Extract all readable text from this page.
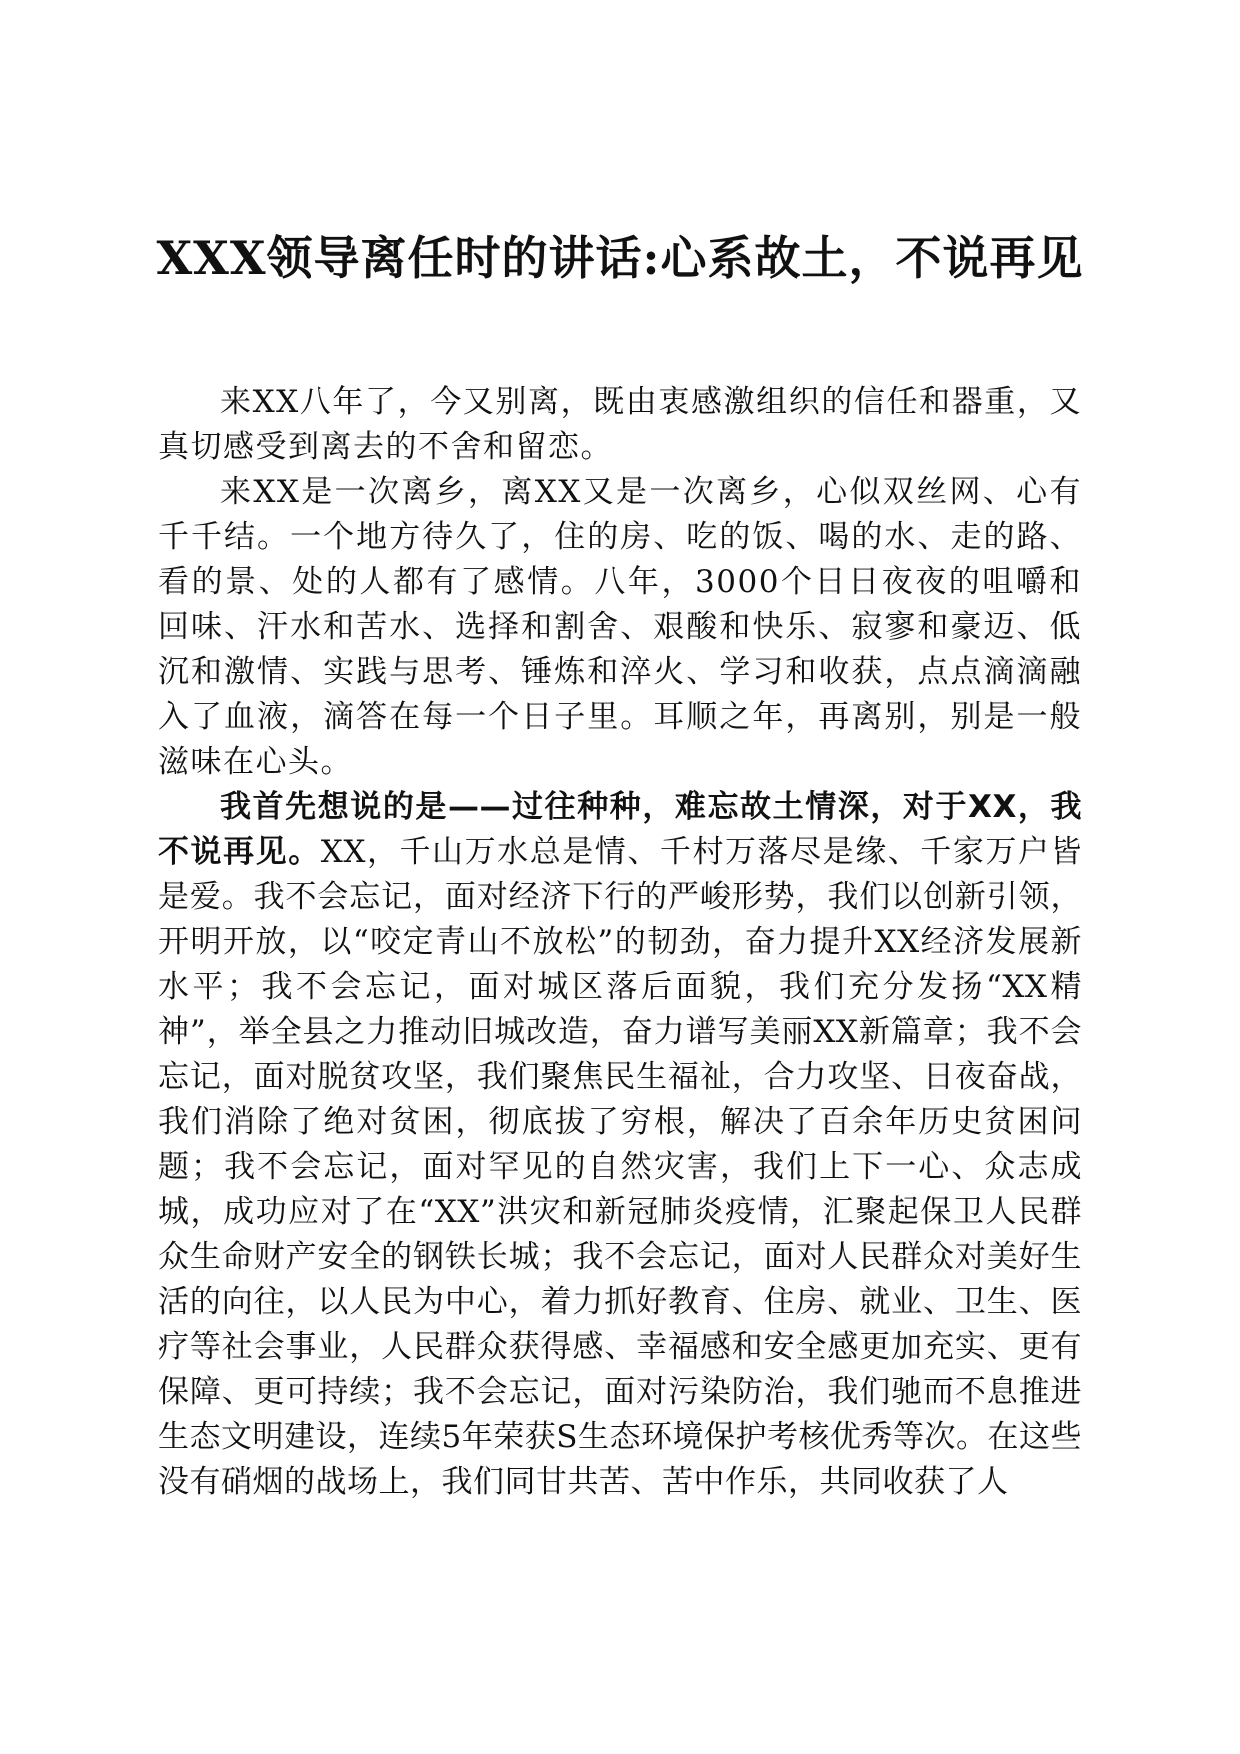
XXX领导离任时的讲话:心系故土，不说再见

来XX八年了，今又别离，既由衷感激组织的信任和器重，又真切感受到离去的不舍和留恋。

来XX是一次离乡，离XX又是一次离乡，心似双丝网、心有千千结。一个地方待久了，住的房、吃的饭、喝的水、走的路、看的景、处的人都有了感情。八年，3000个日日夜夜的咀嚼和回味、汗水和苦水、选择和割舍、艰酸和快乐、寂寥和豪迈、低沉和激情、实践与思考、锤炼和淬火、学习和收获，点点滴滴融入了血液，滴答在每一个日子里。耳顺之年，再离别，别是一般滋味在心头。

我首先想说的是——过往种种，难忘故土情深，对于XX，我不说再见。XX，千山万水总是情、千村万落尽是缘、千家万户皆是爱。我不会忘记，面对经济下行的严峻形势，我们以创新引领，开明开放，以“咬定青山不放松”的韧劲，奋力提升XX经济发展新水平；我不会忘记，面对城区落后面貌，我们充分发扬“XX精神”，举全县之力推动旧城改造，奋力谱写美丽XX新篇章；我不会忘记，面对脱贫攻坚，我们聚焦民生福祉，合力攻坚、日夜奋战，我们消除了绝对贫困，彻底拔了穷根，解决了百余年历史贫困问题；我不会忘记，面对罕见的自然灾害，我们上下一心、众志成城，成功应对了在“XX”洪灾和新冠肺炎疫情，汇聚起保卫人民群众生命财产安全的钢铁长城；我不会忘记，面对人民群众对美好生活的向往，以人民为中心，着力抓好教育、住房、就业、卫生、医疗等社会事业，人民群众获得感、幸福感和安全感更加充实、更有保障、更可持续；我不会忘记，面对污染防治，我们驰而不息推进生态文明建设，连续5年荣获S生态环境保护考核优秀等次。在这些没有硝烟的战场上，我们同甘共苦、苦中作乐，共同收获了人
